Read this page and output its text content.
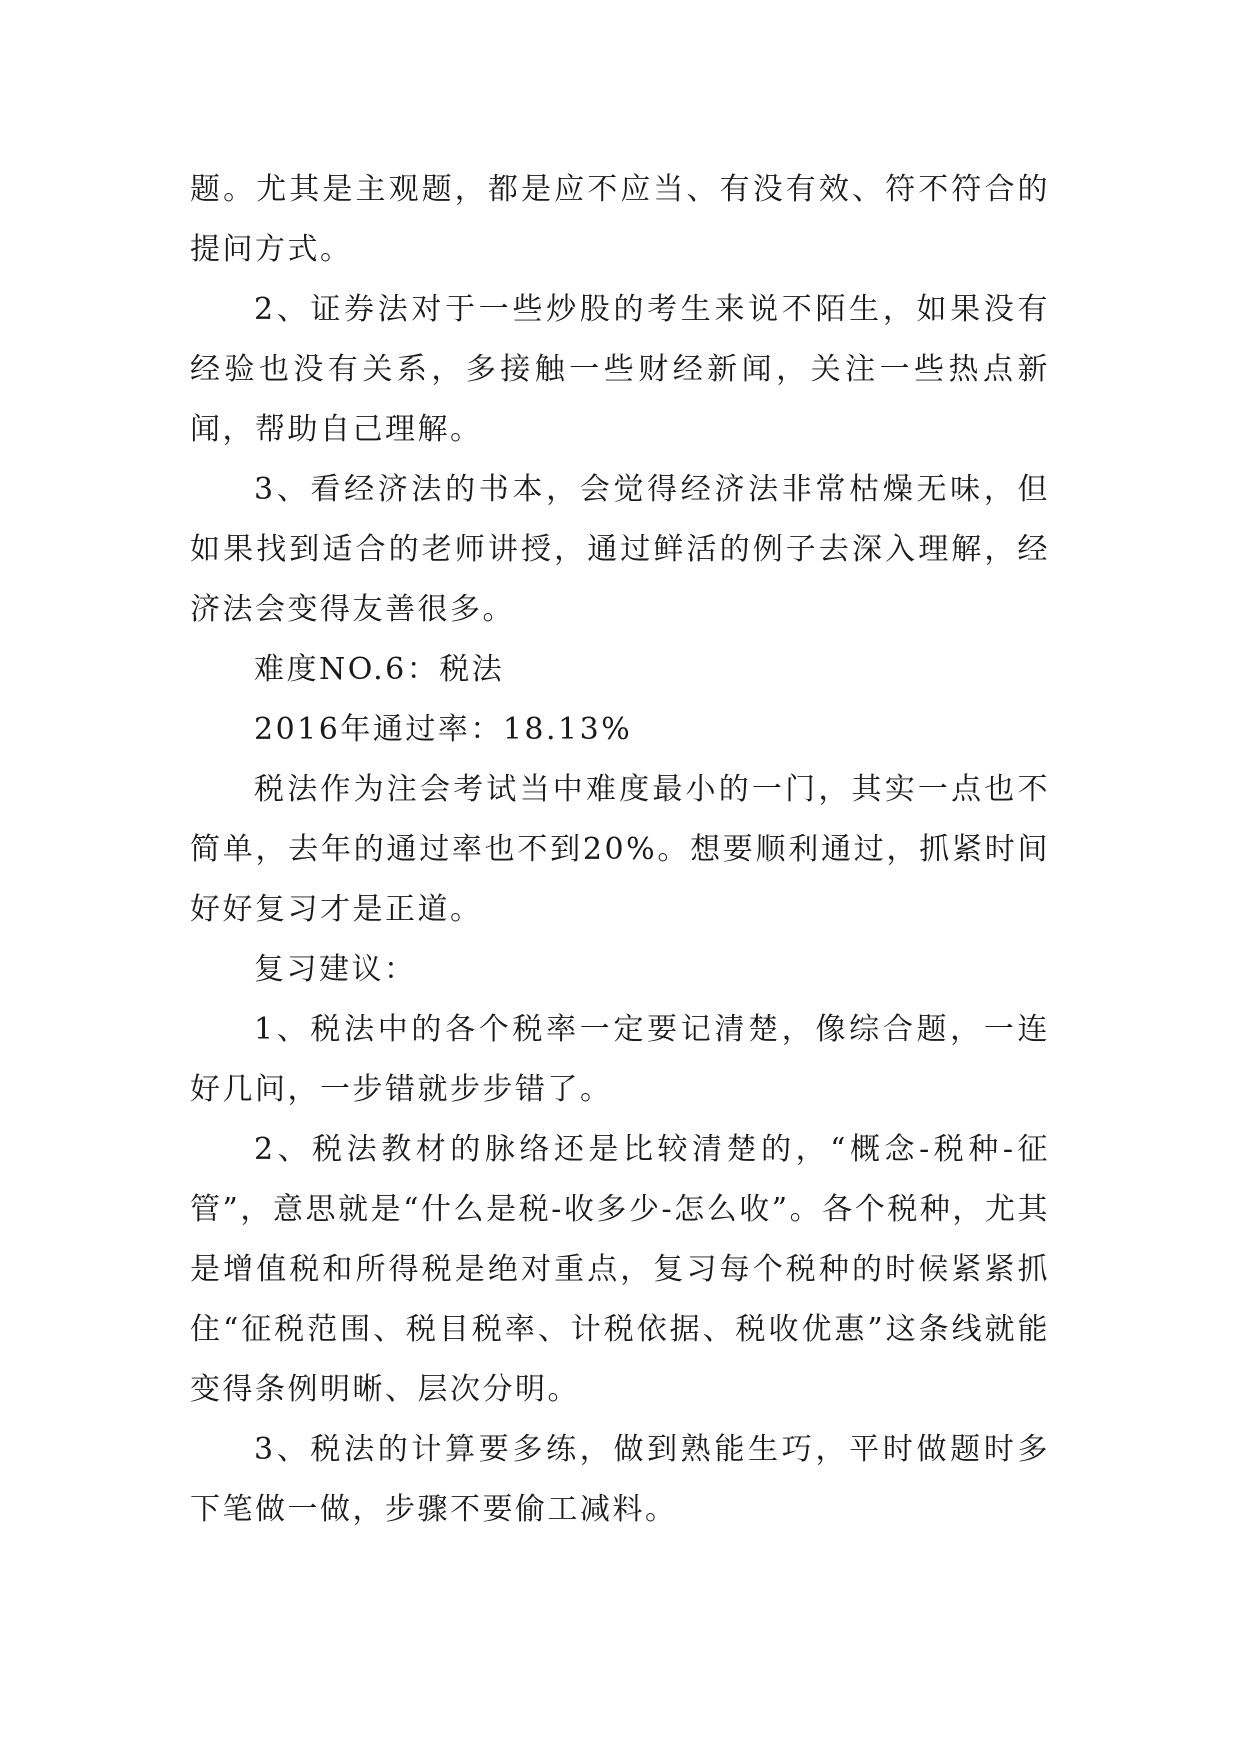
题。尤其是主观题，都是应不应当、有没有效、符不符合的提问方式。

2、证券法对于一些炒股的考生来说不陌生，如果没有经验也没有关系，多接触一些财经新闻，关注一些热点新闻，帮助自己理解。

3、看经济法的书本，会觉得经济法非常枯燥无味，但如果找到适合的老师讲授，通过鲜活的例子去深入理解，经济法会变得友善很多。

难度NO.6：税法

2016年通过率：18.13%

税法作为注会考试当中难度最小的一门，其实一点也不简单，去年的通过率也不到20%。想要顺利通过，抓紧时间好好复习才是正道。

复习建议：

1、税法中的各个税率一定要记清楚，像综合题，一连好几问，一步错就步步错了。

2、税法教材的脉络还是比较清楚的，“概念-税种-征管”，意思就是“什么是税-收多少-怎么收”。各个税种，尤其是增值税和所得税是绝对重点，复习每个税种的时候紧紧抓住“征税范围、税目税率、计税依据、税收优惠”这条线就能变得条例明晰、层次分明。

3、税法的计算要多练，做到熟能生巧，平时做题时多下笔做一做，步骤不要偷工减料。
